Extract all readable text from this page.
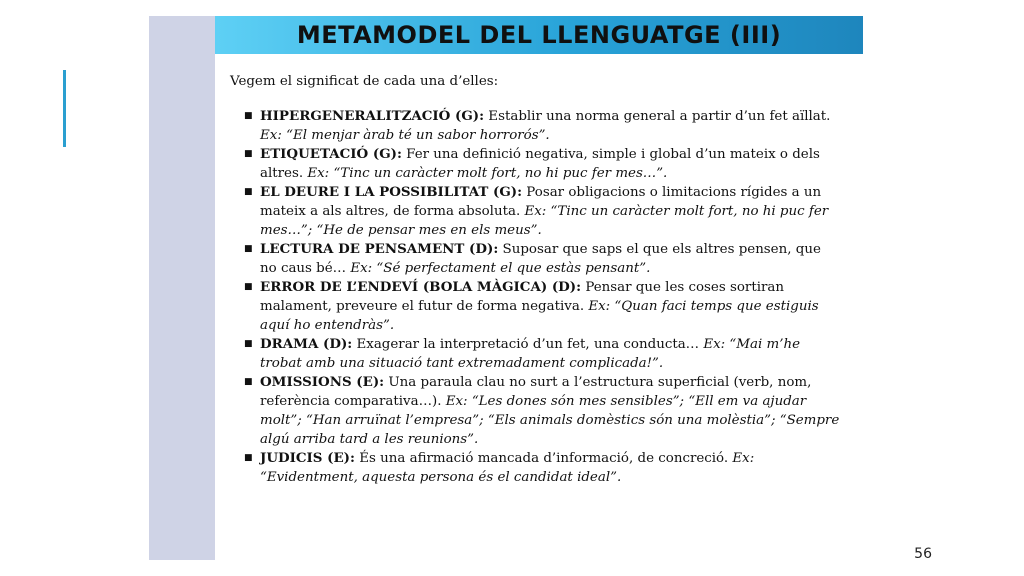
METAMODEL DEL LLENGUATGE (III)

Vegem el significat de cada una d’elles:

■ HIPERGENERALITZACIÓ (G): Establir una norma general a partir d’un fet aïllat. Ex: “El menjar àrab té un sabor horrorós”.
■ ETIQUETACIÓ (G): Fer una definició negativa, simple i global d’un mateix o dels altres. Ex: “Tinc un caràcter molt fort, no hi puc fer mes…”.
■ EL DEURE I LA POSSIBILITAT (G): Posar obligacions o limitacions rígides a un mateix a als altres, de forma absoluta. Ex: “Tinc un caràcter molt fort, no hi puc fer mes…”; “He de pensar mes en els meus”.
■ LECTURA DE PENSAMENT (D): Suposar que saps el que els altres pensen, que no caus bé… Ex: “Sé perfectament el que estàs pensant”.
■ ERROR DE L’ENDEVÍ (BOLA MÀGICA) (D): Pensar que les coses sortiran malament, preveure el futur de forma negativa. Ex: “Quan faci temps que estiguis aquí ho entendràs”.
■ DRAMA (D): Exagerar la interpretació d’un fet, una conducta… Ex: “Mai m’he trobat amb una situació tant extremadament complicada!”.
■ OMISSIONS (E): Una paraula clau no surt a l’estructura superficial (verb, nom, referència comparativa…). Ex: “Les dones són mes sensibles”; “Ell em va ajudar molt”; “Han arruïnat l’empresa”; “Els animals domèstics són una molèstia”; “Sempre algú arriba tard a les reunions”.
■ JUDICIS (E): És una afirmació mancada d’informació, de concreció. Ex: “Evidentment, aquesta persona és el candidat ideal”.
56
